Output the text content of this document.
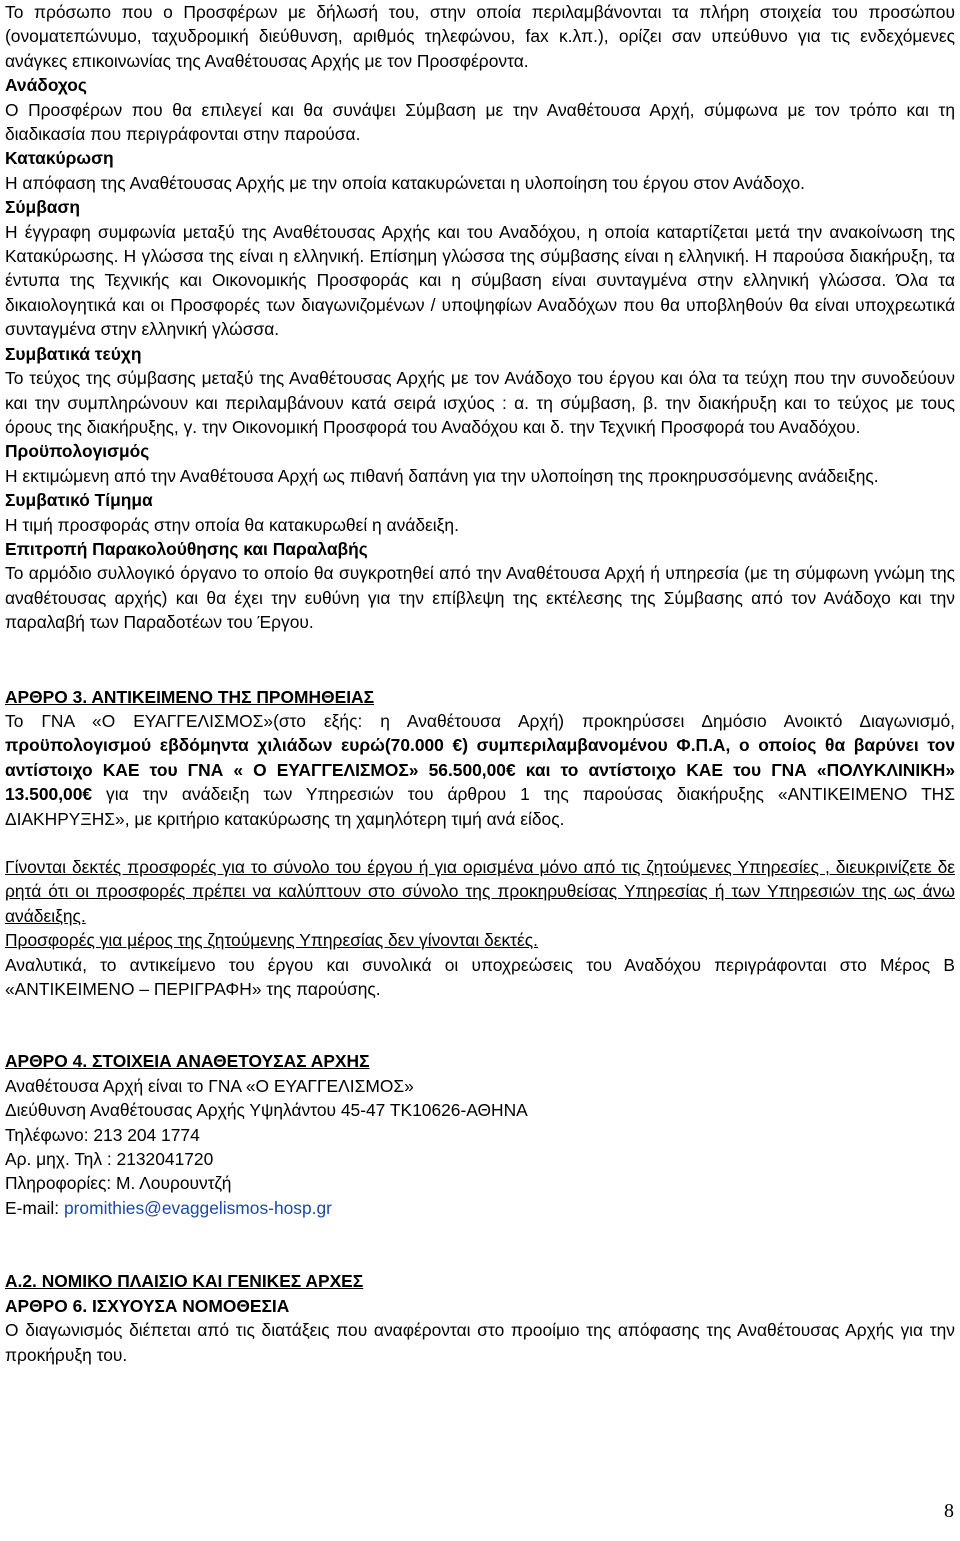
Το πρόσωπο που ο Προσφέρων με δήλωσή του, στην οποία περιλαμβάνονται τα πλήρη στοιχεία του προσώπου (ονοματεπώνυμο, ταχυδρομική διεύθυνση, αριθμός τηλεφώνου, fax κ.λπ.), ορίζει σαν υπεύθυνο για τις ενδεχόμενες ανάγκες επικοινωνίας της Αναθέτουσας Αρχής με τον Προσφέροντα.

Ανάδοχος

Ο Προσφέρων που θα επιλεγεί και θα συνάψει Σύμβαση με την Αναθέτουσα Αρχή, σύμφωνα με τον τρόπο και τη διαδικασία που περιγράφονται στην παρούσα.

Κατακύρωση

Η απόφαση της Αναθέτουσας Αρχής με την οποία κατακυρώνεται η υλοποίηση του έργου στον Ανάδοχο.

Σύμβαση

Η έγγραφη συμφωνία μεταξύ της Αναθέτουσας Αρχής και του Αναδόχου, η οποία καταρτίζεται μετά την ανακοίνωση της Κατακύρωσης. Η γλώσσα της είναι η ελληνική. Επίσημη γλώσσα της σύμβασης είναι η ελληνική. Η παρούσα διακήρυξη, τα έντυπα της Τεχνικής και Οικονομικής Προσφοράς και η σύμβαση είναι συνταγμένα στην ελληνική γλώσσα. Όλα τα δικαιολογητικά και οι Προσφορές των διαγωνιζομένων / υποψηφίων Αναδόχων που θα υποβληθούν θα είναι υποχρεωτικά συνταγμένα στην ελληνική γλώσσα.

Συμβατικά τεύχη

Το τεύχος της σύμβασης μεταξύ της Αναθέτουσας Αρχής με τον Ανάδοχο του έργου και όλα τα τεύχη που την συνοδεύουν και την συμπληρώνουν και περιλαμβάνουν κατά σειρά ισχύος : α. τη σύμβαση, β. την διακήρυξη και το τεύχος με τους όρους της διακήρυξης, γ. την Οικονομική Προσφορά του Αναδόχου και δ. την Τεχνική Προσφορά του Αναδόχου.

Προϋπολογισμός

Η εκτιμώμενη από την Αναθέτουσα Αρχή ως πιθανή δαπάνη για την υλοποίηση της προκηρυσσόμενης ανάδειξης.

Συμβατικό Τίμημα

Η τιμή προσφοράς στην οποία θα κατακυρωθεί η ανάδειξη.

Επιτροπή Παρακολούθησης και Παραλαβής

Το αρμόδιο συλλογικό όργανο το οποίο θα συγκροτηθεί από την Αναθέτουσα Αρχή ή υπηρεσία (με τη σύμφωνη γνώμη της αναθέτουσας αρχής) και θα έχει την ευθύνη για την επίβλεψη της εκτέλεσης της Σύμβασης από τον Ανάδοχο και την παραλαβή των Παραδοτέων του Έργου.

ΑΡΘΡΟ 3. ΑΝΤΙΚΕΙΜΕΝΟ ΤΗΣ ΠΡΟΜΗΘΕΙΑΣ

Το ΓΝΑ «Ο ΕΥΑΓΓΕΛΙΣΜΟΣ»(στο εξής: η Αναθέτουσα Αρχή) προκηρύσσει Δημόσιο Ανοικτό Διαγωνισμό, προϋπολογισμού εβδόμηντα χιλιάδων ευρώ(70.000 €) συμπεριλαμβανομένου Φ.Π.Α, ο οποίος θα βαρύνει τον αντίστοιχο ΚΑΕ του ΓΝΑ « Ο ΕΥΑΓΓΕΛΙΣΜΟΣ» 56.500,00€ και το αντίστοιχο ΚΑΕ του ΓΝΑ «ΠΟΛΥΚΛΙΝΙΚΗ» 13.500,00€ για την ανάδειξη των Υπηρεσιών του άρθρου 1 της παρούσας διακήρυξης «ΑΝΤΙΚΕΙΜΕΝΟ ΤΗΣ ΔΙΑΚΗΡΥΞΗΣ», με κριτήριο κατακύρωσης τη χαμηλότερη τιμή ανά είδος.

Γίνονται δεκτές προσφορές για το σύνολο του έργου ή για ορισμένα μόνο από τις ζητούμενες Υπηρεσίες , διευκρινίζετε δε ρητά ότι οι προσφορές πρέπει να καλύπτουν στο σύνολο της προκηρυθείσας Υπηρεσίας ή των Υπηρεσιών της ως άνω ανάδειξης.

Προσφορές για μέρος της ζητούμενης Υπηρεσίας δεν γίνονται δεκτές.

Αναλυτικά, το αντικείμενο του έργου και συνολικά οι υποχρεώσεις του Αναδόχου περιγράφονται στο Μέρος Β «ΑΝΤΙΚΕΙΜΕΝΟ – ΠΕΡΙΓΡΑΦΗ» της παρούσης.

ΑΡΘΡΟ 4. ΣΤΟΙΧΕΙΑ ΑΝΑΘΕΤΟΥΣΑΣ ΑΡΧΗΣ

Αναθέτουσα Αρχή είναι το ΓΝΑ «Ο ΕΥΑΓΓΕΛΙΣΜΟΣ»

Διεύθυνση Αναθέτουσας Αρχής Υψηλάντου 45-47 ΤΚ10626-ΑΘΗΝΑ

Τηλέφωνο: 213 204 1774

Αρ. μηχ. Τηλ : 2132041720

Πληροφορίες: Μ. Λουρουντζή

E-mail: promithies@evaggelismos-hosp.gr

Α.2. ΝΟΜΙΚΟ ΠΛΑΙΣΙΟ ΚΑΙ ΓΕΝΙΚΕΣ ΑΡΧΕΣ

ΑΡΘΡΟ 6. ΙΣΧΥΟΥΣΑ ΝΟΜΟΘΕΣΙΑ

Ο διαγωνισμός διέπεται από τις διατάξεις που αναφέρονται στο προοίμιο της απόφασης της Αναθέτουσας Αρχής για την προκήρυξη του.

8
